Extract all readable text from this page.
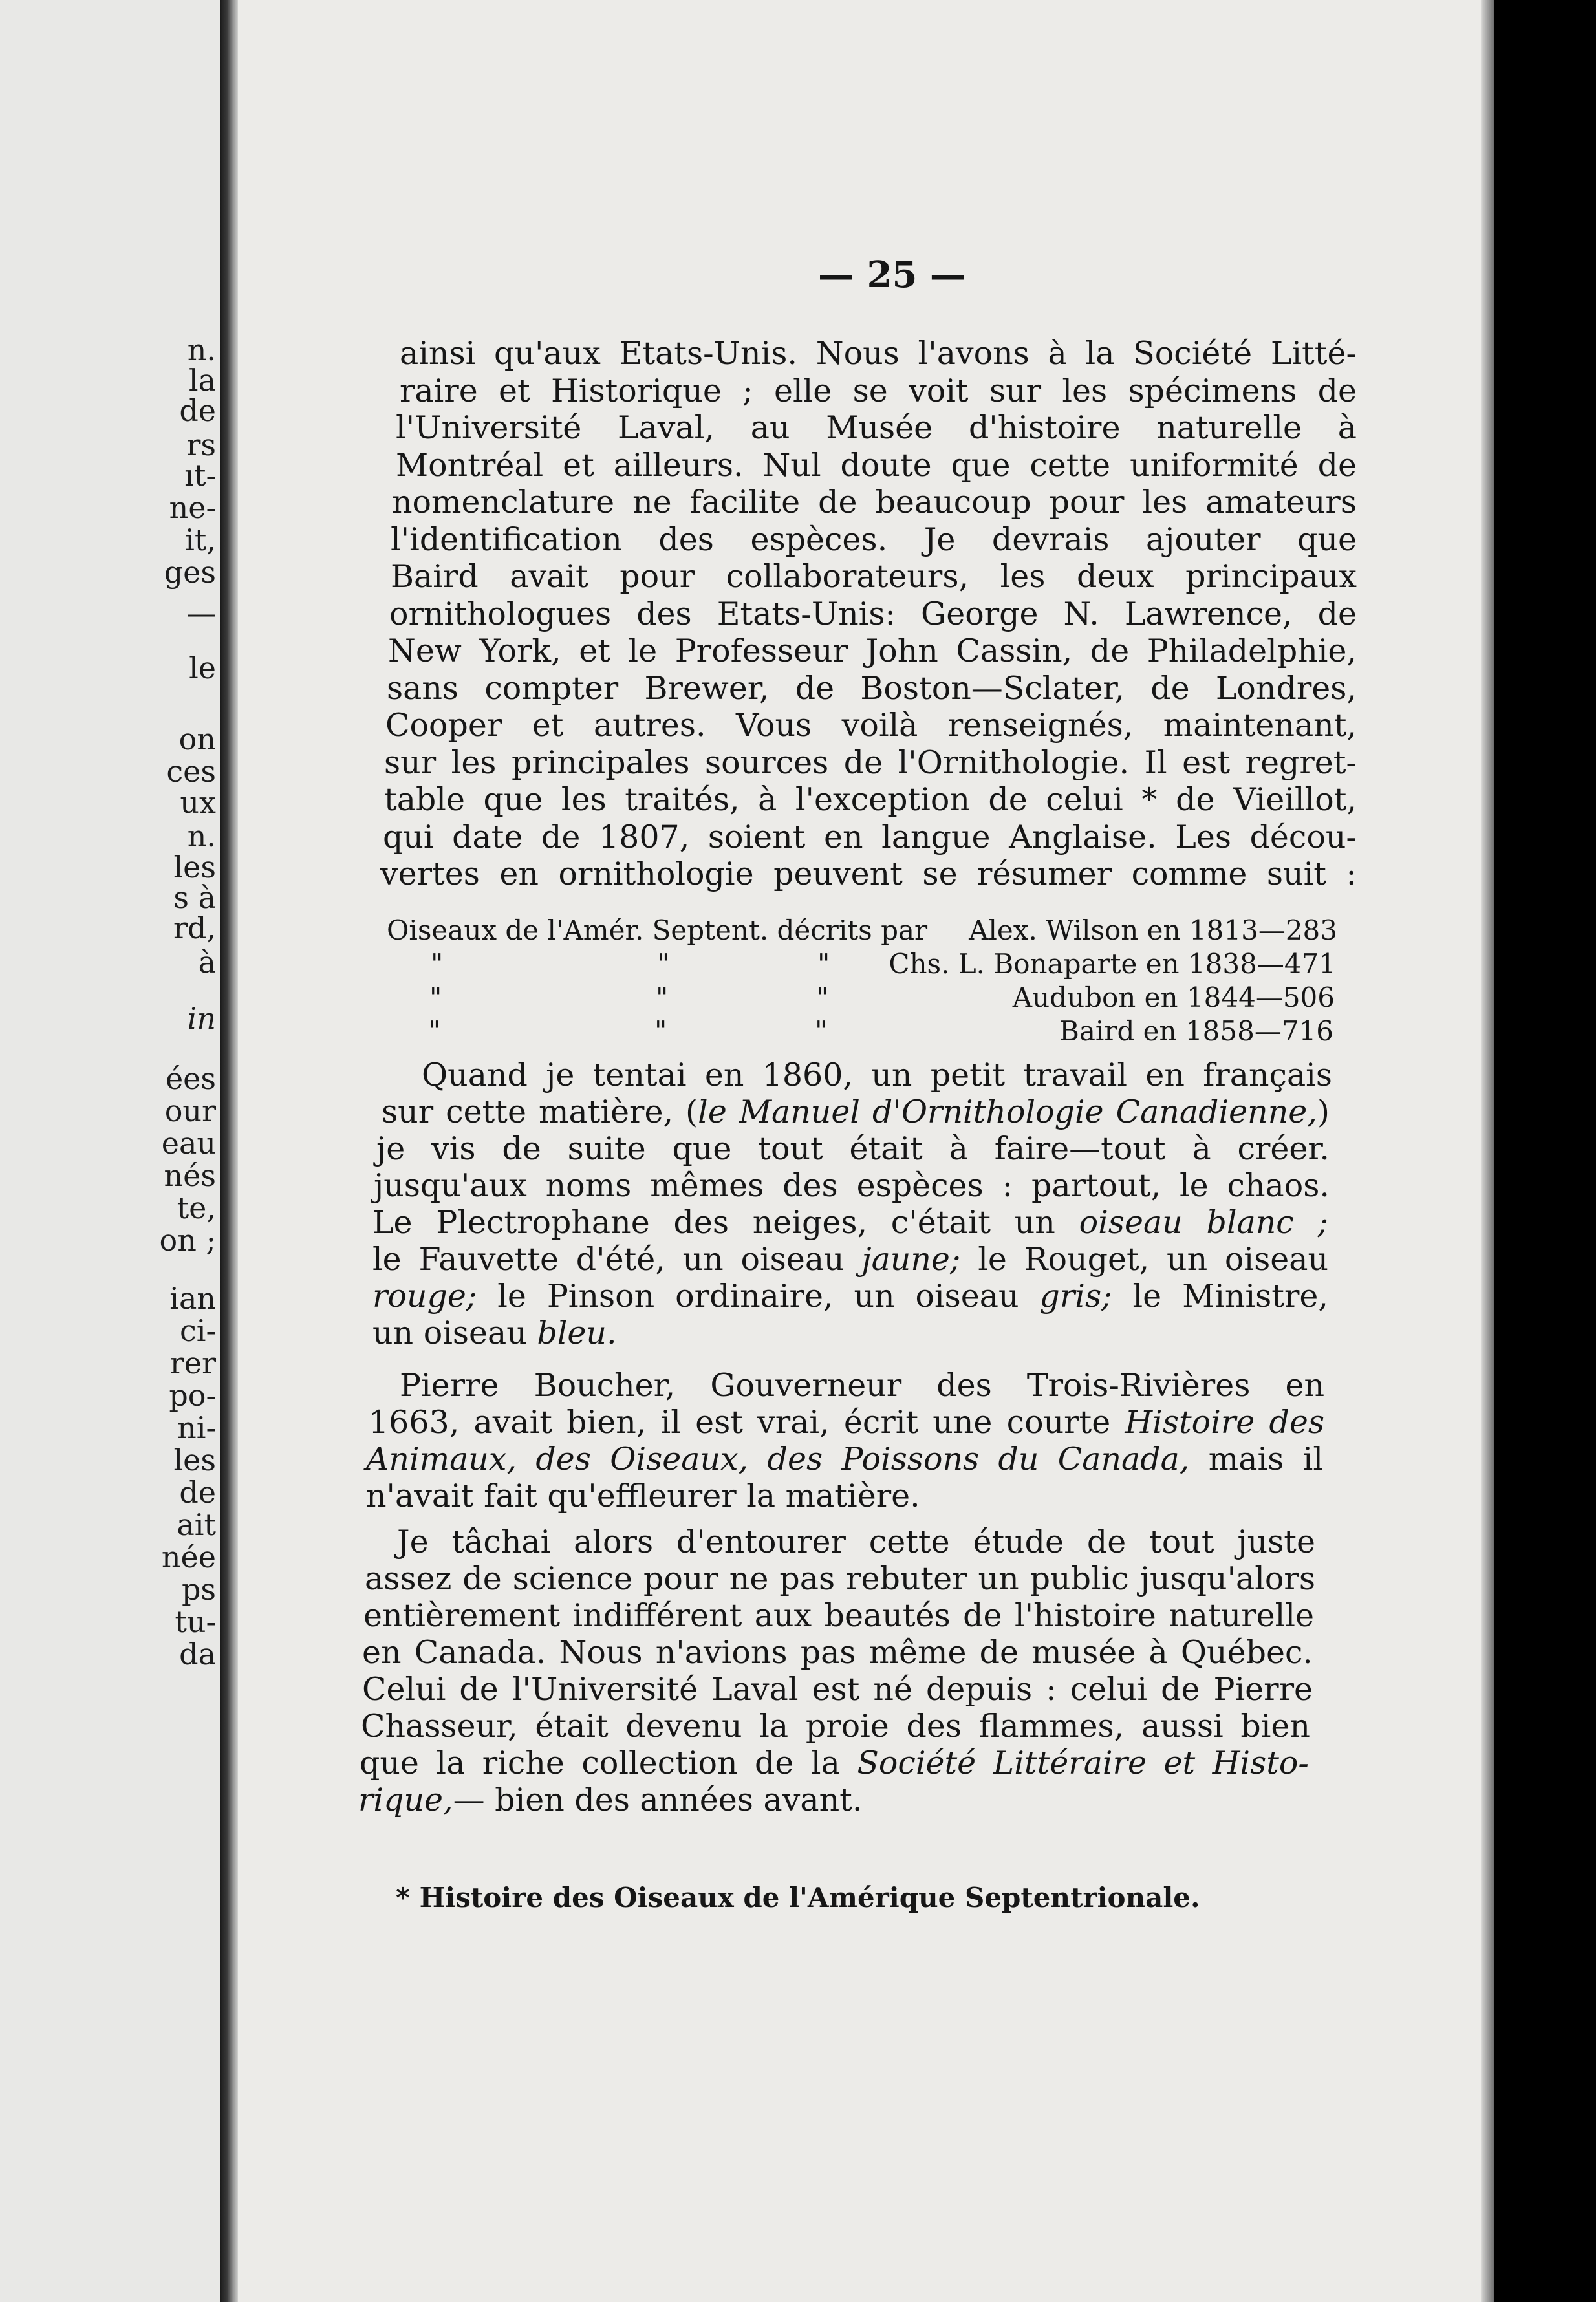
n.
la
de
rs
ıt-
ne-
it,
ges
—
le
on
ces
ux
n.
les
s à
rd,
à
in
ées
our
eau
nés
te,
on ;
ian
ci-
rer
po-
ni-
les
de
ait
née
ps
tu-
da
— 25 —
ainsi qu'aux Etats-Unis. Nous l'avons à la Société Litté-
raire et Historique ; elle se voit sur les spécimens de
l'Université Laval, au Musée d'histoire naturelle à
Montréal et ailleurs. Nul doute que cette uniformité de
nomenclature ne facilite de beaucoup pour les amateurs
l'identification des espèces. Je devrais ajouter que
Baird avait pour collaborateurs, les deux principaux
ornithologues des Etats-Unis: George N. Lawrence, de
New York, et le Professeur John Cassin, de Philadelphie,
sans compter Brewer, de Boston—Sclater, de Londres,
Cooper et autres. Vous voilà renseignés, maintenant,
sur les principales sources de l'Ornithologie. Il est regret-
table que les traités, à l'exception de celui * de Vieillot,
qui date de 1807, soient en langue Anglaise. Les décou-
vertes en ornithologie peuvent se résumer comme suit :
Oiseaux de l'Amér. Septent. décrits par Alex. Wilson en 1813—283
"	"	" Chs. L. Bonaparte en 1838—471
"	"	"	Audubon en 1844—506
"	"	"	Baird en 1858—716
Quand je tentai en 1860, un petit travail en français
sur cette matière, (le Manuel d'Ornithologie Canadienne,)
je vis de suite que tout était à faire—tout à créer.
jusqu'aux noms mêmes des espèces : partout, le chaos.
Le Plectrophane des neiges, c'était un oiseau blanc ;
le Fauvette d'été, un oiseau jaune; le Rouget, un oiseau
rouge; le Pinson ordinaire, un oiseau gris; le Ministre,
un oiseau bleu.
Pierre Boucher, Gouverneur des Trois-Rivières en
1663, avait bien, il est vrai, écrit une courte Histoire des
Animaux, des Oiseaux, des Poissons du Canada, mais il
n'avait fait qu'effleurer la matière.
Je tâchai alors d'entourer cette étude de tout juste
assez de science pour ne pas rebuter un public jusqu'alors
entièrement indifférent aux beautés de l'histoire naturelle
en Canada. Nous n'avions pas même de musée à Québec.
Celui de l'Université Laval est né depuis : celui de Pierre
Chasseur, était devenu la proie des flammes, aussi bien
que la riche collection de la Société Littéraire et Histo-
rique,— bien des années avant.
* Histoire des Oiseaux de l'Amérique Septentrionale.
